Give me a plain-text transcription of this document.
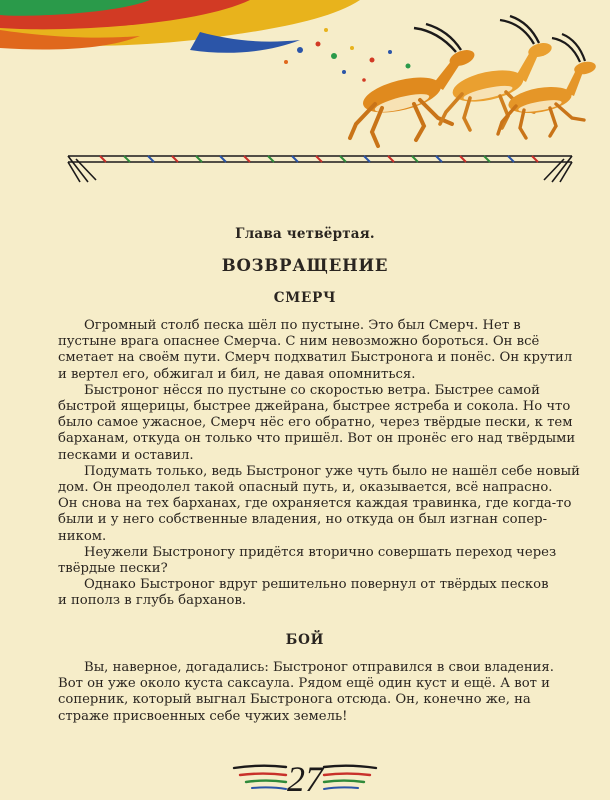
Глава четвёртая.
ВОЗВРАЩЕНИЕ
СМЕРЧ

Огромный столб песка шёл по пустыне. Это был Смерч. Нет в
пустыне врага опаснее Смерча. С ним невозможно бороться. Он всё
сметает на своём пути. Смерч подхватил Быстронога и понёс. Он крутил
и вертел его, обжигал и бил, не давая опомниться.

Быстроног нёсся по пустыне со скоростью ветра. Быстрее самой
быстрой ящерицы, быстрее джейрана, быстрее ястреба и сокола. Но что
было самое ужасное, Смерч нёс его обратно, через твёрдые пески, к тем
барханам, откуда он только что пришёл. Вот он пронёс его над твёрдыми
песками и оставил.

Подумать только, ведь Быстроног уже чуть было не нашёл себе новый
дом. Он преодолел такой опасный путь, и, оказывается, всё напрасно.
Он снова на тех барханах, где охраняется каждая травинка, где когда-то
были и у него собственные владения, но откуда он был изгнан сопер-
ником.

Неужели Быстроногу придётся вторично совершать переход через
твёрдые пески?

Однако Быстроног вдруг решительно повернул от твёрдых песков
и пополз в глубь барханов.

БОЙ

Вы, наверное, догадались: Быстроног отправился в свои владения.
Вот он уже около куста саксаула. Рядом ещё один куст и ещё. А вот и
соперник, который выгнал Быстронога отсюда. Он, конечно же, на
страже присвоенных себе чужих земель!

27
